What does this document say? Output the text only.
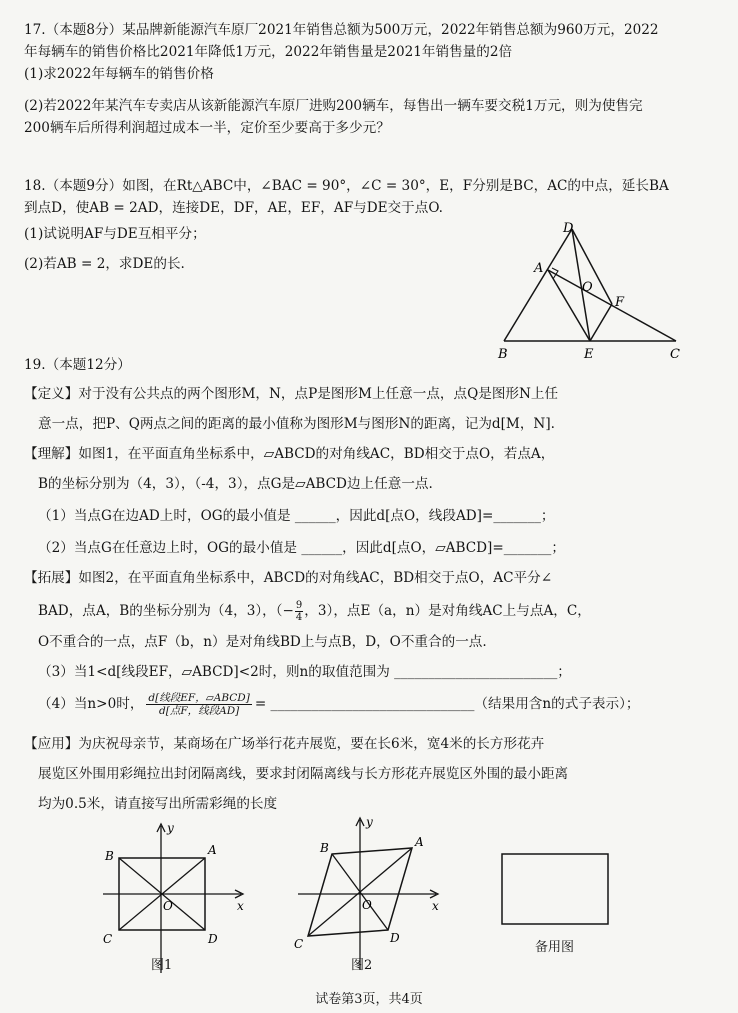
17.（本题8分）某品牌新能源汽车原厂2021年销售总额为500万元，2022年销售总额为960万元，2022
年每辆车的销售价格比2021年降低1万元，2022年销售量是2021年销售量的2倍
(1)求2022年每辆车的销售价格
(2)若2022年某汽车专卖店从该新能源汽车原厂进购200辆车，每售出一辆车要交税1万元，则为使售完
200辆车后所得利润超过成本一半，定价至少要高于多少元？
18.（本题9分）如图，在Rt△ABC中，∠BAC = 90°，∠C = 30°，E，F分别是BC，AC的中点，延长BA
到点D，使AB = 2AD，连接DE，DF，AE，EF，AF与DE交于点O.
(1)试说明AF与DE互相平分；
(2)若AB = 2，求DE的长.
D
A
O
F
B	E	C
19.（本题12分）
【定义】对于没有公共点的两个图形M，N，点P是图形M上任意一点，点Q是图形N上任
意一点，把P、Q两点之间的距离的最小值称为图形M与图形N的距离，记为d[M，N].
【理解】如图1，在平面直角坐标系中，▱ABCD的对角线AC，BD相交于点O，若点A，
B的坐标分别为（4，3），（-4，3），点G是▱ABCD边上任意一点.
（1）当点G在边AD上时，OG的最小值是 ______，因此d[点O，线段AD]=_______；
（2）当点G在任意边上时，OG的最小值是 ______，因此d[点O，▱ABCD]=_______；
【拓展】如图2，在平面直角坐标系中，ABCD的对角线AC，BD相交于点O，AC平分∠
BAD，点A，B的坐标分别为（4，3），（− $\frac{9}{4}$ ，3），点E（a，n）是对角线AC上与点A，C，
O不重合的一点，点F（b，n）是对角线BD上与点B，D，O不重合的一点.
（3）当1<d[线段EF，▱ABCD]<2时，则n的取值范围为 ________________________；
（4）当n>0时， d[线段EF，▱ABCD]
d[点F，线段AD]	= ______________________________（结果用含n的式子表示）；
【应用】为庆祝母亲节，某商场在广场举行花卉展览，要在长6米，宽4米的长方形花卉
展览区外围用彩绳拉出封闭隔离线，要求封闭隔离线与长方形花卉展览区外围的最小距离
均为0.5米，请直接写出所需彩绳的长度
y
x
B	A
C	D
O
图1
y
x
B	A
C	D
O
图2
备用图
试卷第3页，共4页
